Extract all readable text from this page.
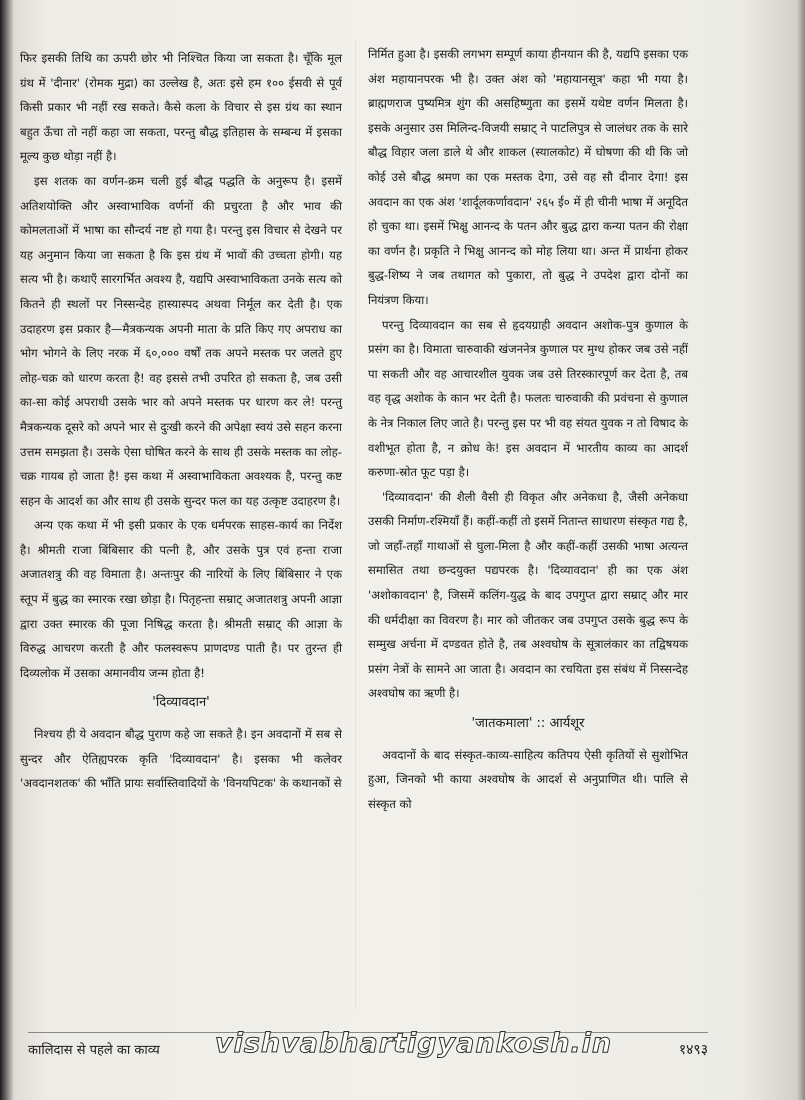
फिर इसकी तिथि का ऊपरी छोर भी निश्चित किया जा सकता है। चूँकि मूल ग्रंथ में 'दीनार' (रोमक मुद्रा) का उल्लेख है, अतः इसे हम १०० ईसवी से पूर्व किसी प्रकार भी नहीं रख सकते। कैसे कला के विचार से इस ग्रंथ का स्थान बहुत ऊँचा तो नहीं कहा जा सकता, परन्तु बौद्ध इतिहास के सम्बन्ध में इसका मूल्य कुछ थोड़ा नहीं है।

इस शतक का वर्णन-क्रम चली हुई बौद्ध पद्धति के अनुरूप है। इसमें अतिशयोक्ति और अस्वाभाविक वर्णनों की प्रचुरता है और भाव की कोमलताओं में भाषा का सौन्दर्य नष्ट हो गया है। परन्तु इस विचार से देखने पर यह अनुमान किया जा सकता है कि इस ग्रंथ में भावों की उच्चता होगी। यह सत्य भी है। कथाएँ सारगर्भित अवश्य है, यद्यपि अस्वाभाविकता उनके सत्य को कितने ही स्थलों पर निस्सन्देह हास्यास्पद अथवा निर्मूल कर देती है। एक उदाहरण इस प्रकार है—मैत्रकन्यक अपनी माता के प्रति किए गए अपराध का भोग भोगने के लिए नरक में ६०,००० वर्षों तक अपने मस्तक पर जलते हुए लोह-चक्र को धारण करता है! वह इससे तभी उपरित हो सकता है, जब उसी का-सा कोई अपराधी उसके भार को अपने मस्तक पर धारण कर ले! परन्तु मैत्रकन्यक दूसरे को अपने भार से दुःखी करने की अपेक्षा स्वयं उसे सहन करना उत्तम समझता है। उसके ऐसा घोषित करने के साथ ही उसके मस्तक का लोह-चक्र गायब हो जाता है! इस कथा में अस्वाभाविकता अवश्यक है, परन्तु कष्ट सहन के आदर्श का और साथ ही उसके सुन्दर फल का यह उत्कृष्ट उदाहरण है।

अन्य एक कथा में भी इसी प्रकार के एक धर्मपरक साहस-कार्य का निर्देश है। श्रीमती राजा बिंबिसार की पत्नी है, और उसके पुत्र एवं हन्ता राजा अजातशत्रु की वह विमाता है। अन्तःपुर की नारियों के लिए बिंबिसार ने एक स्तूप में बुद्ध का स्मारक रखा छोड़ा है। पितृहन्ता सम्राट् अजातशत्रु अपनी आज्ञा द्वारा उक्त स्मारक की पूजा निषिद्ध करता है। श्रीमती सम्राट् की आज्ञा के विरुद्ध आचरण करती है और फलस्वरूप प्राणदण्ड पाती है। पर तुरन्त ही दिव्यलोक में उसका अमानवीय जन्म होता है!

'दिव्यावदान'

निश्चय ही ये अवदान बौद्ध पुराण कहे जा सकते है। इन अवदानों में सब से सुन्दर और ऐतिह्यपरक कृति 'दिव्यावदान' है। इसका भी कलेवर 'अवदानशतक' की भाँति प्रायः सर्वास्तिवादियों के 'विनयपिटक' के कथानकों से

निर्मित हुआ है। इसकी लगभग सम्पूर्ण काया हीनयान की है, यद्यपि इसका एक अंश महायानपरक भी है। उक्त अंश को 'महायानसूत्र' कहा भी गया है। ब्राह्मणराज पुष्यमित्र शुंग की असहिष्णुता का इसमें यथेष्ट वर्णन मिलता है। इसके अनुसार उस मिलिन्द-विजयी सम्राट् ने पाटलिपुत्र से जालंधर तक के सारे बौद्ध विहार जला डाले थे और शाकल (स्यालकोट) में घोषणा की थी कि जो कोई उसे बौद्ध श्रमण का एक मस्तक देगा, उसे वह सौ दीनार देगा! इस अवदान का एक अंश 'शार्दूलकर्णावदान' २६५ ई० में ही चीनी भाषा में अनूदित हो चुका था। इसमें भिक्षु आनन्द के पतन और बुद्ध द्वारा कन्या पतन की रोक्षा का वर्णन है। प्रकृति ने भिक्षु आनन्द को मोह लिया था। अन्त में प्रार्थना होकर बुद्ध-शिष्य ने जब तथागत को पुकारा, तो बुद्ध ने उपदेश द्वारा दोनों का नियंत्रण किया।

परन्तु दिव्यावदान का सब से हृदयग्राही अवदान अशोक-पुत्र कुणाल के प्रसंग का है। विमाता चारुवाकी खंजननेत्र कुणाल पर मुग्ध होकर जब उसे नहीं पा सकती और वह आचारशील युवक जब उसे तिरस्कारपूर्ण कर देता है, तब वह वृद्ध अशोक के कान भर देती है। फलतः चारुवाकी की प्रवंचना से कुणाल के नेत्र निकाल लिए जाते है। परन्तु इस पर भी वह संयत युवक न तो विषाद के वशीभूत होता है, न क्रोध के! इस अवदान में भारतीय काव्य का आदर्श करुणा-स्रोत फूट पड़ा है।

'दिव्यावदान' की शैली वैसी ही विकृत और अनेकधा है, जैसी अनेकधा उसकी निर्माण-रश्मियाँ हैं। कहीं-कहीं तो इसमें नितान्त साधारण संस्कृत गद्य है, जो जहाँ-तहाँ गाथाओं से घुला-मिला है और कहीं-कहीं उसकी भाषा अत्यन्त समासित तथा छन्दयुक्त पद्यपरक है। 'दिव्यावदान' ही का एक अंश 'अशोकावदान' है, जिसमें कलिंग-युद्ध के बाद उपगुप्त द्वारा सम्राट् और मार की धर्मदीक्षा का विवरण है। मार को जीतकर जब उपगुप्त उसके बुद्ध रूप के सम्मुख अर्चना में दण्डवत होते है, तब अश्वघोष के सूत्रालंकार का तद्विषयक प्रसंग नेत्रों के सामने आ जाता है। अवदान का रचयिता इस संबंध में निस्सन्देह अश्वघोष का ऋणी है।

'जातकमाला' :: आर्यशूर

अवदानों के बाद संस्कृत-काव्य-साहित्य कतिपय ऐसी कृतियों से सुशोभित हुआ, जिनको भी काया अश्वघोष के आदर्श से अनुप्राणित थी। पालि से संस्कृत को

कालिदास से पहले का काव्य	१४९३
vishvabhartigyankosh.in
